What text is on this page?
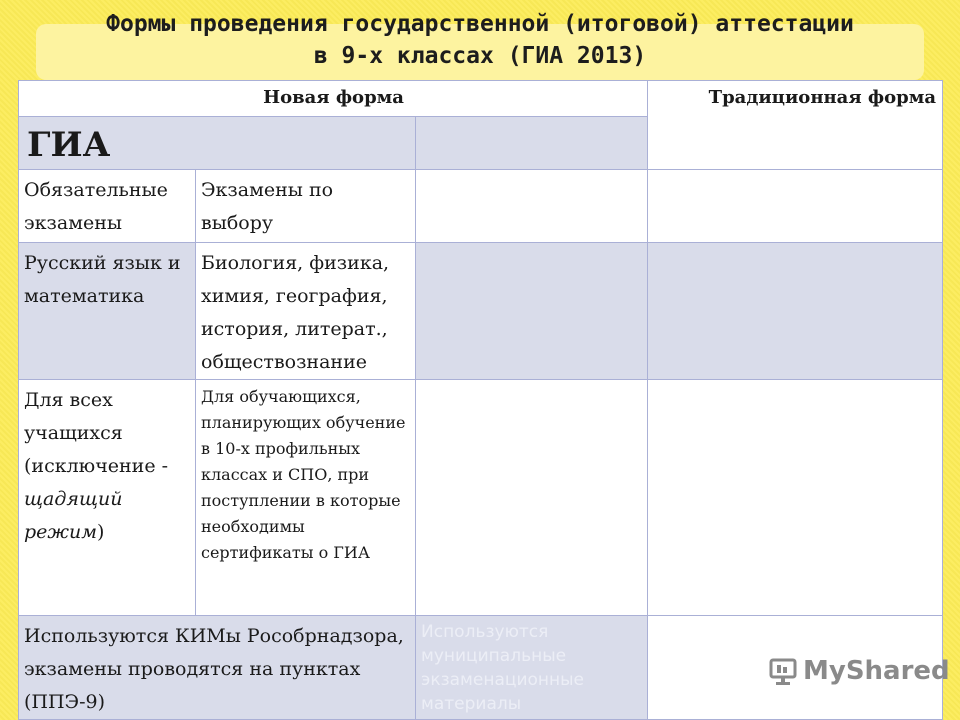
Формы проведения государственной (итоговой) аттестации
в 9-х классах (ГИА 2013)
Новая форма			Традиционная форма
ГИА			
Обязательные экзамены	Экзамены по выбору		
Русский язык и математика	Биология, физика, химия, география, история, литерат., обществознание		
Для всех учащихся (исключение - щадящий режим)	Для обучающихся, планирующих обучение в 10-х профильных классах и СПО, при поступлении в которые необходимы сертификаты о ГИА		
Используются КИМы Рособрнадзора, экзамены проводятся на пунктах (ППЭ-9)		Используются муниципальные экзаменационные материалы	
MyShared
